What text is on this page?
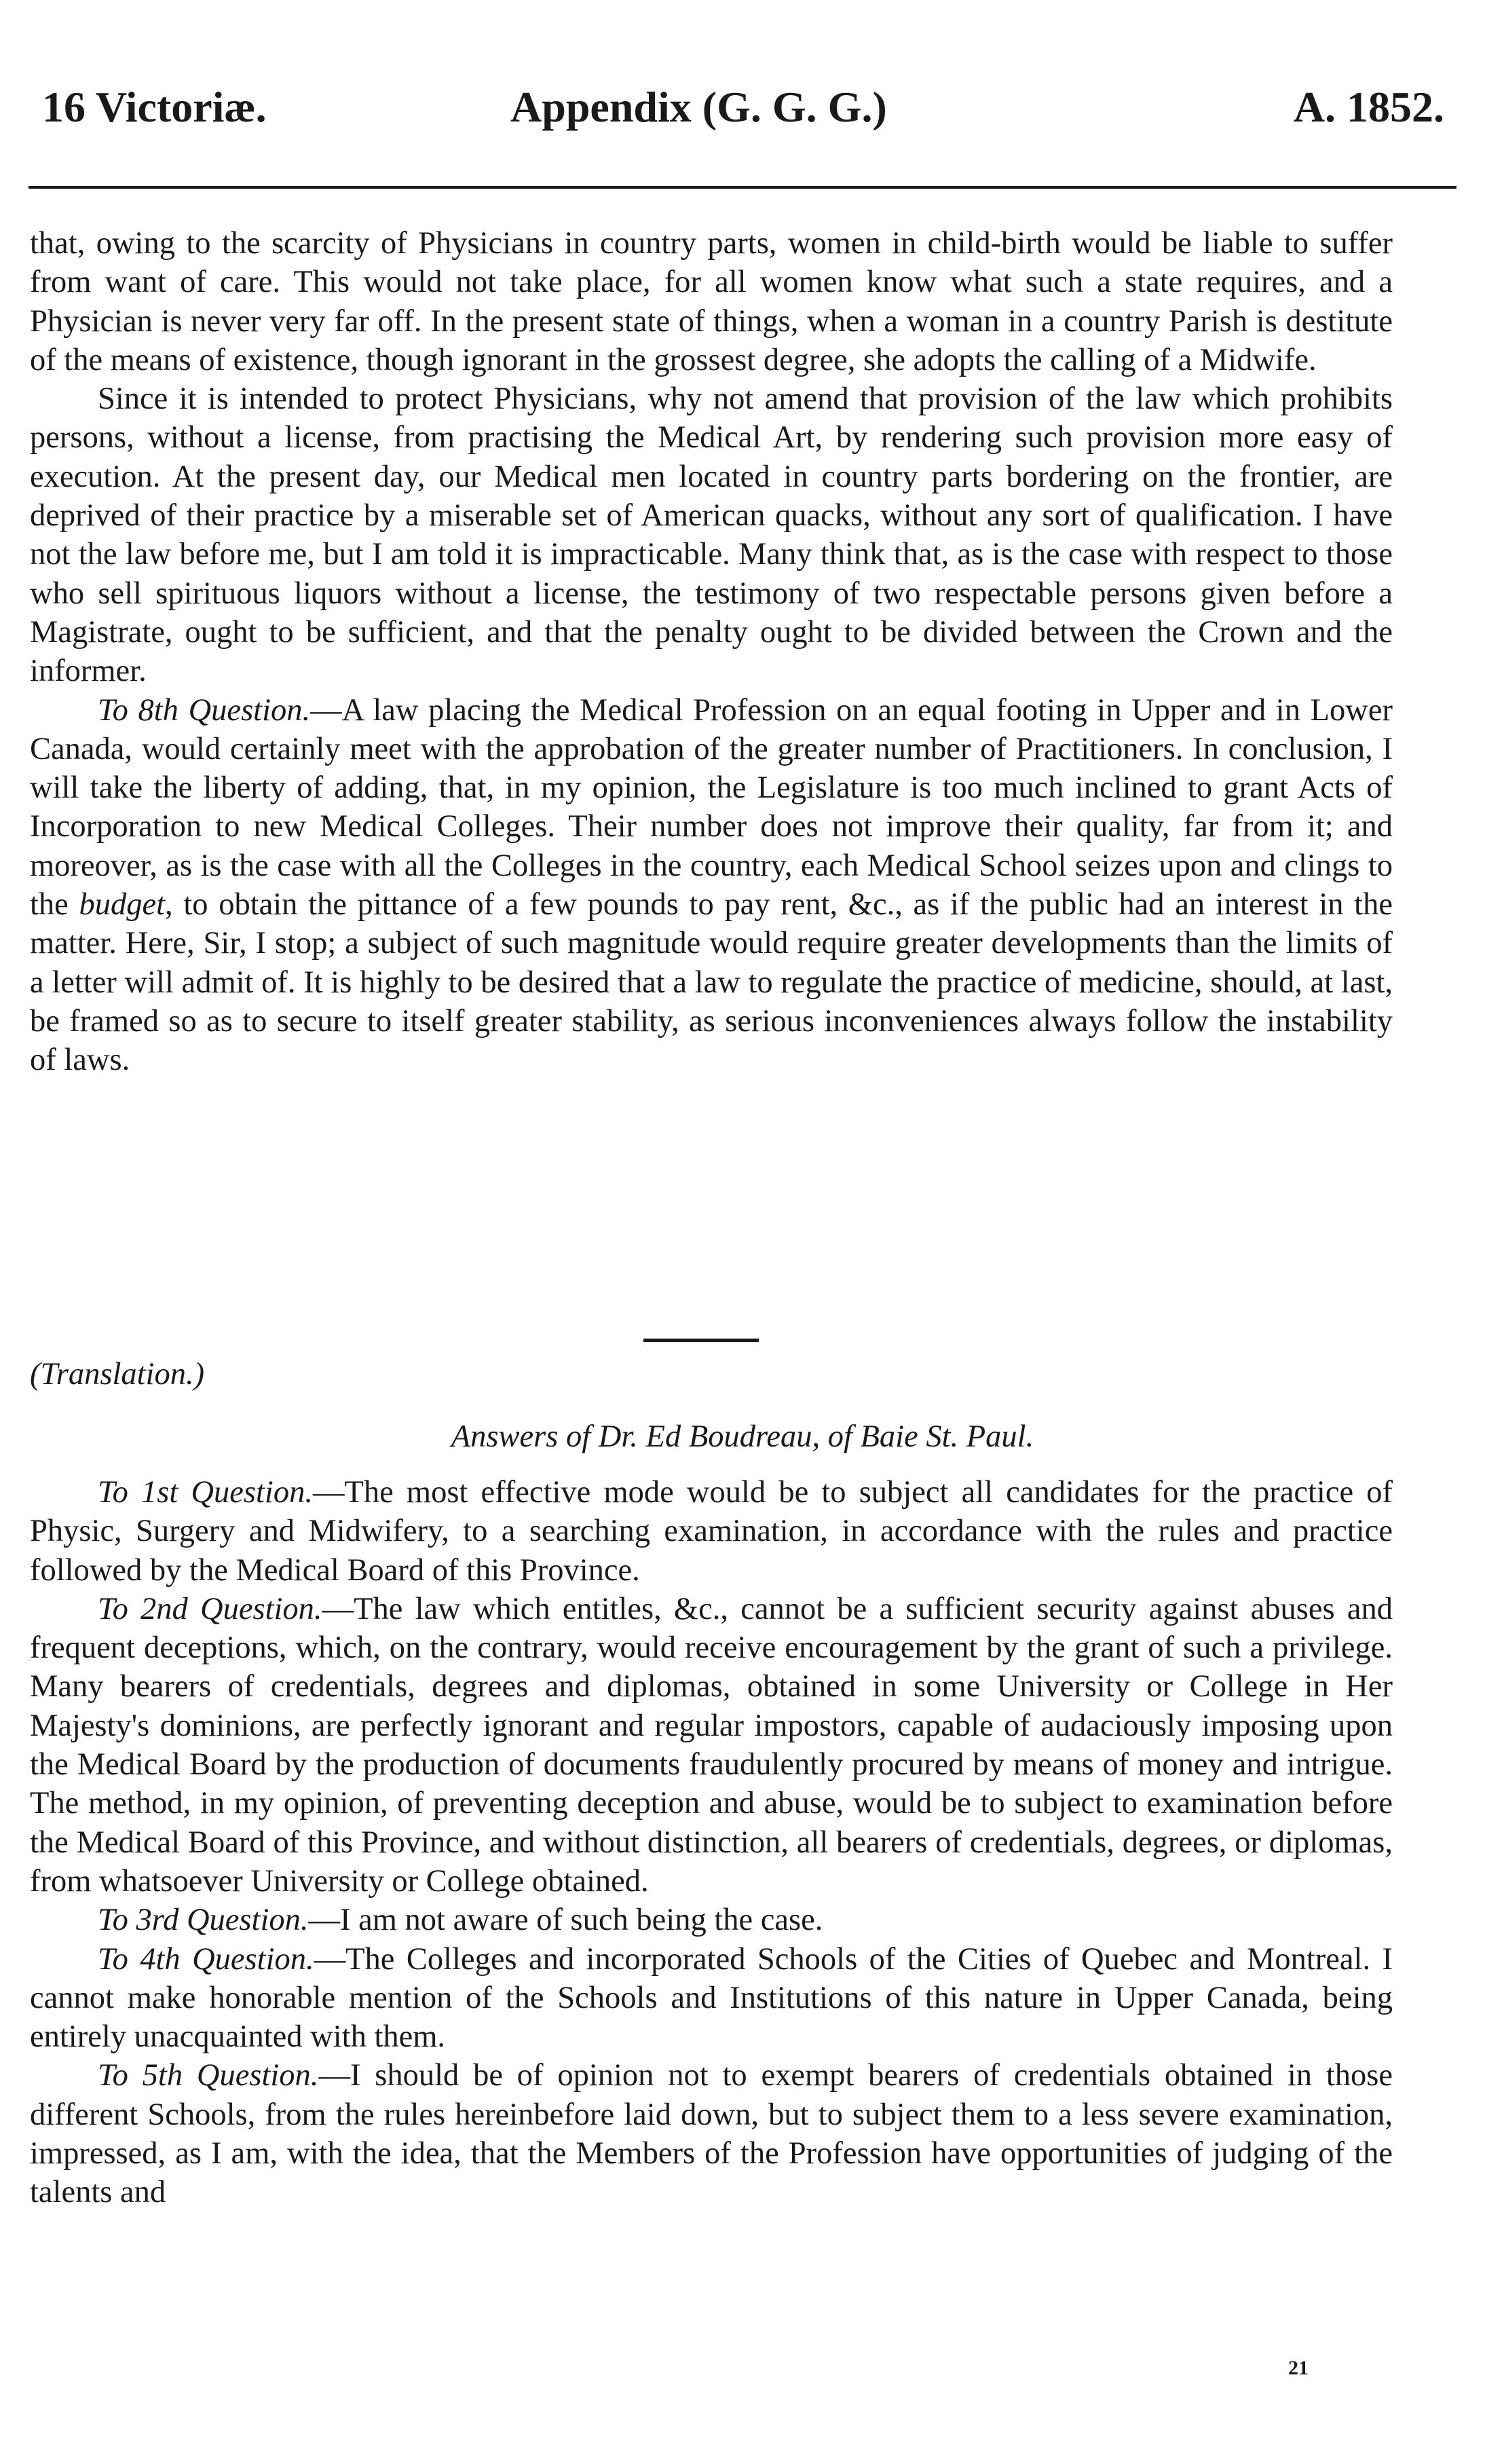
16 Victoriæ.	Appendix (G. G. G.)	A. 1852.

that, owing to the scarcity of Physicians in country parts, women in child-birth would be liable to suffer from want of care. This would not take place, for all women know what such a state requires, and a Physician is never very far off. In the present state of things, when a woman in a country Parish is destitute of the means of existence, though ignorant in the grossest degree, she adopts the calling of a Midwife.

Since it is intended to protect Physicians, why not amend that provision of the law which prohibits persons, without a license, from practising the Medical Art, by rendering such provision more easy of execution. At the present day, our Medical men located in country parts bordering on the frontier, are deprived of their practice by a miserable set of American quacks, without any sort of qualification. I have not the law before me, but I am told it is impracticable. Many think that, as is the case with respect to those who sell spirituous liquors without a license, the testimony of two respectable persons given before a Magistrate, ought to be sufficient, and that the penalty ought to be divided between the Crown and the informer.

To 8th Question.—A law placing the Medical Profession on an equal footing in Upper and in Lower Canada, would certainly meet with the approbation of the greater number of Practitioners. In conclusion, I will take the liberty of adding, that, in my opinion, the Legislature is too much inclined to grant Acts of Incorporation to new Medical Colleges. Their number does not improve their quality, far from it; and moreover, as is the case with all the Colleges in the country, each Medical School seizes upon and clings to the budget, to obtain the pittance of a few pounds to pay rent, &c., as if the public had an interest in the matter. Here, Sir, I stop; a subject of such magnitude would require greater developments than the limits of a letter will admit of. It is highly to be desired that a law to regulate the practice of medicine, should, at last, be framed so as to secure to itself greater stability, as serious inconveniences always follow the instability of laws.

(Translation.)
Answers of Dr. Ed Boudreau, of Baie St. Paul.

To 1st Question.—The most effective mode would be to subject all candidates for the practice of Physic, Surgery and Midwifery, to a searching examination, in accordance with the rules and practice followed by the Medical Board of this Province.

To 2nd Question.—The law which entitles, &c., cannot be a sufficient security against abuses and frequent deceptions, which, on the contrary, would receive encouragement by the grant of such a privilege. Many bearers of credentials, degrees and diplomas, obtained in some University or College in Her Majesty's dominions, are perfectly ignorant and regular impostors, capable of audaciously imposing upon the Medical Board by the production of documents fraudulently procured by means of money and intrigue. The method, in my opinion, of preventing deception and abuse, would be to subject to examination before the Medical Board of this Province, and without distinction, all bearers of credentials, degrees, or diplomas, from whatsoever University or College obtained.

To 3rd Question.—I am not aware of such being the case.

To 4th Question.—The Colleges and incorporated Schools of the Cities of Quebec and Montreal. I cannot make honorable mention of the Schools and Institutions of this nature in Upper Canada, being entirely unacquainted with them.

To 5th Question.—I should be of opinion not to exempt bearers of credentials obtained in those different Schools, from the rules hereinbefore laid down, but to subject them to a less severe examination, impressed, as I am, with the idea, that the Members of the Profession have opportunities of judging of the talents and

21
